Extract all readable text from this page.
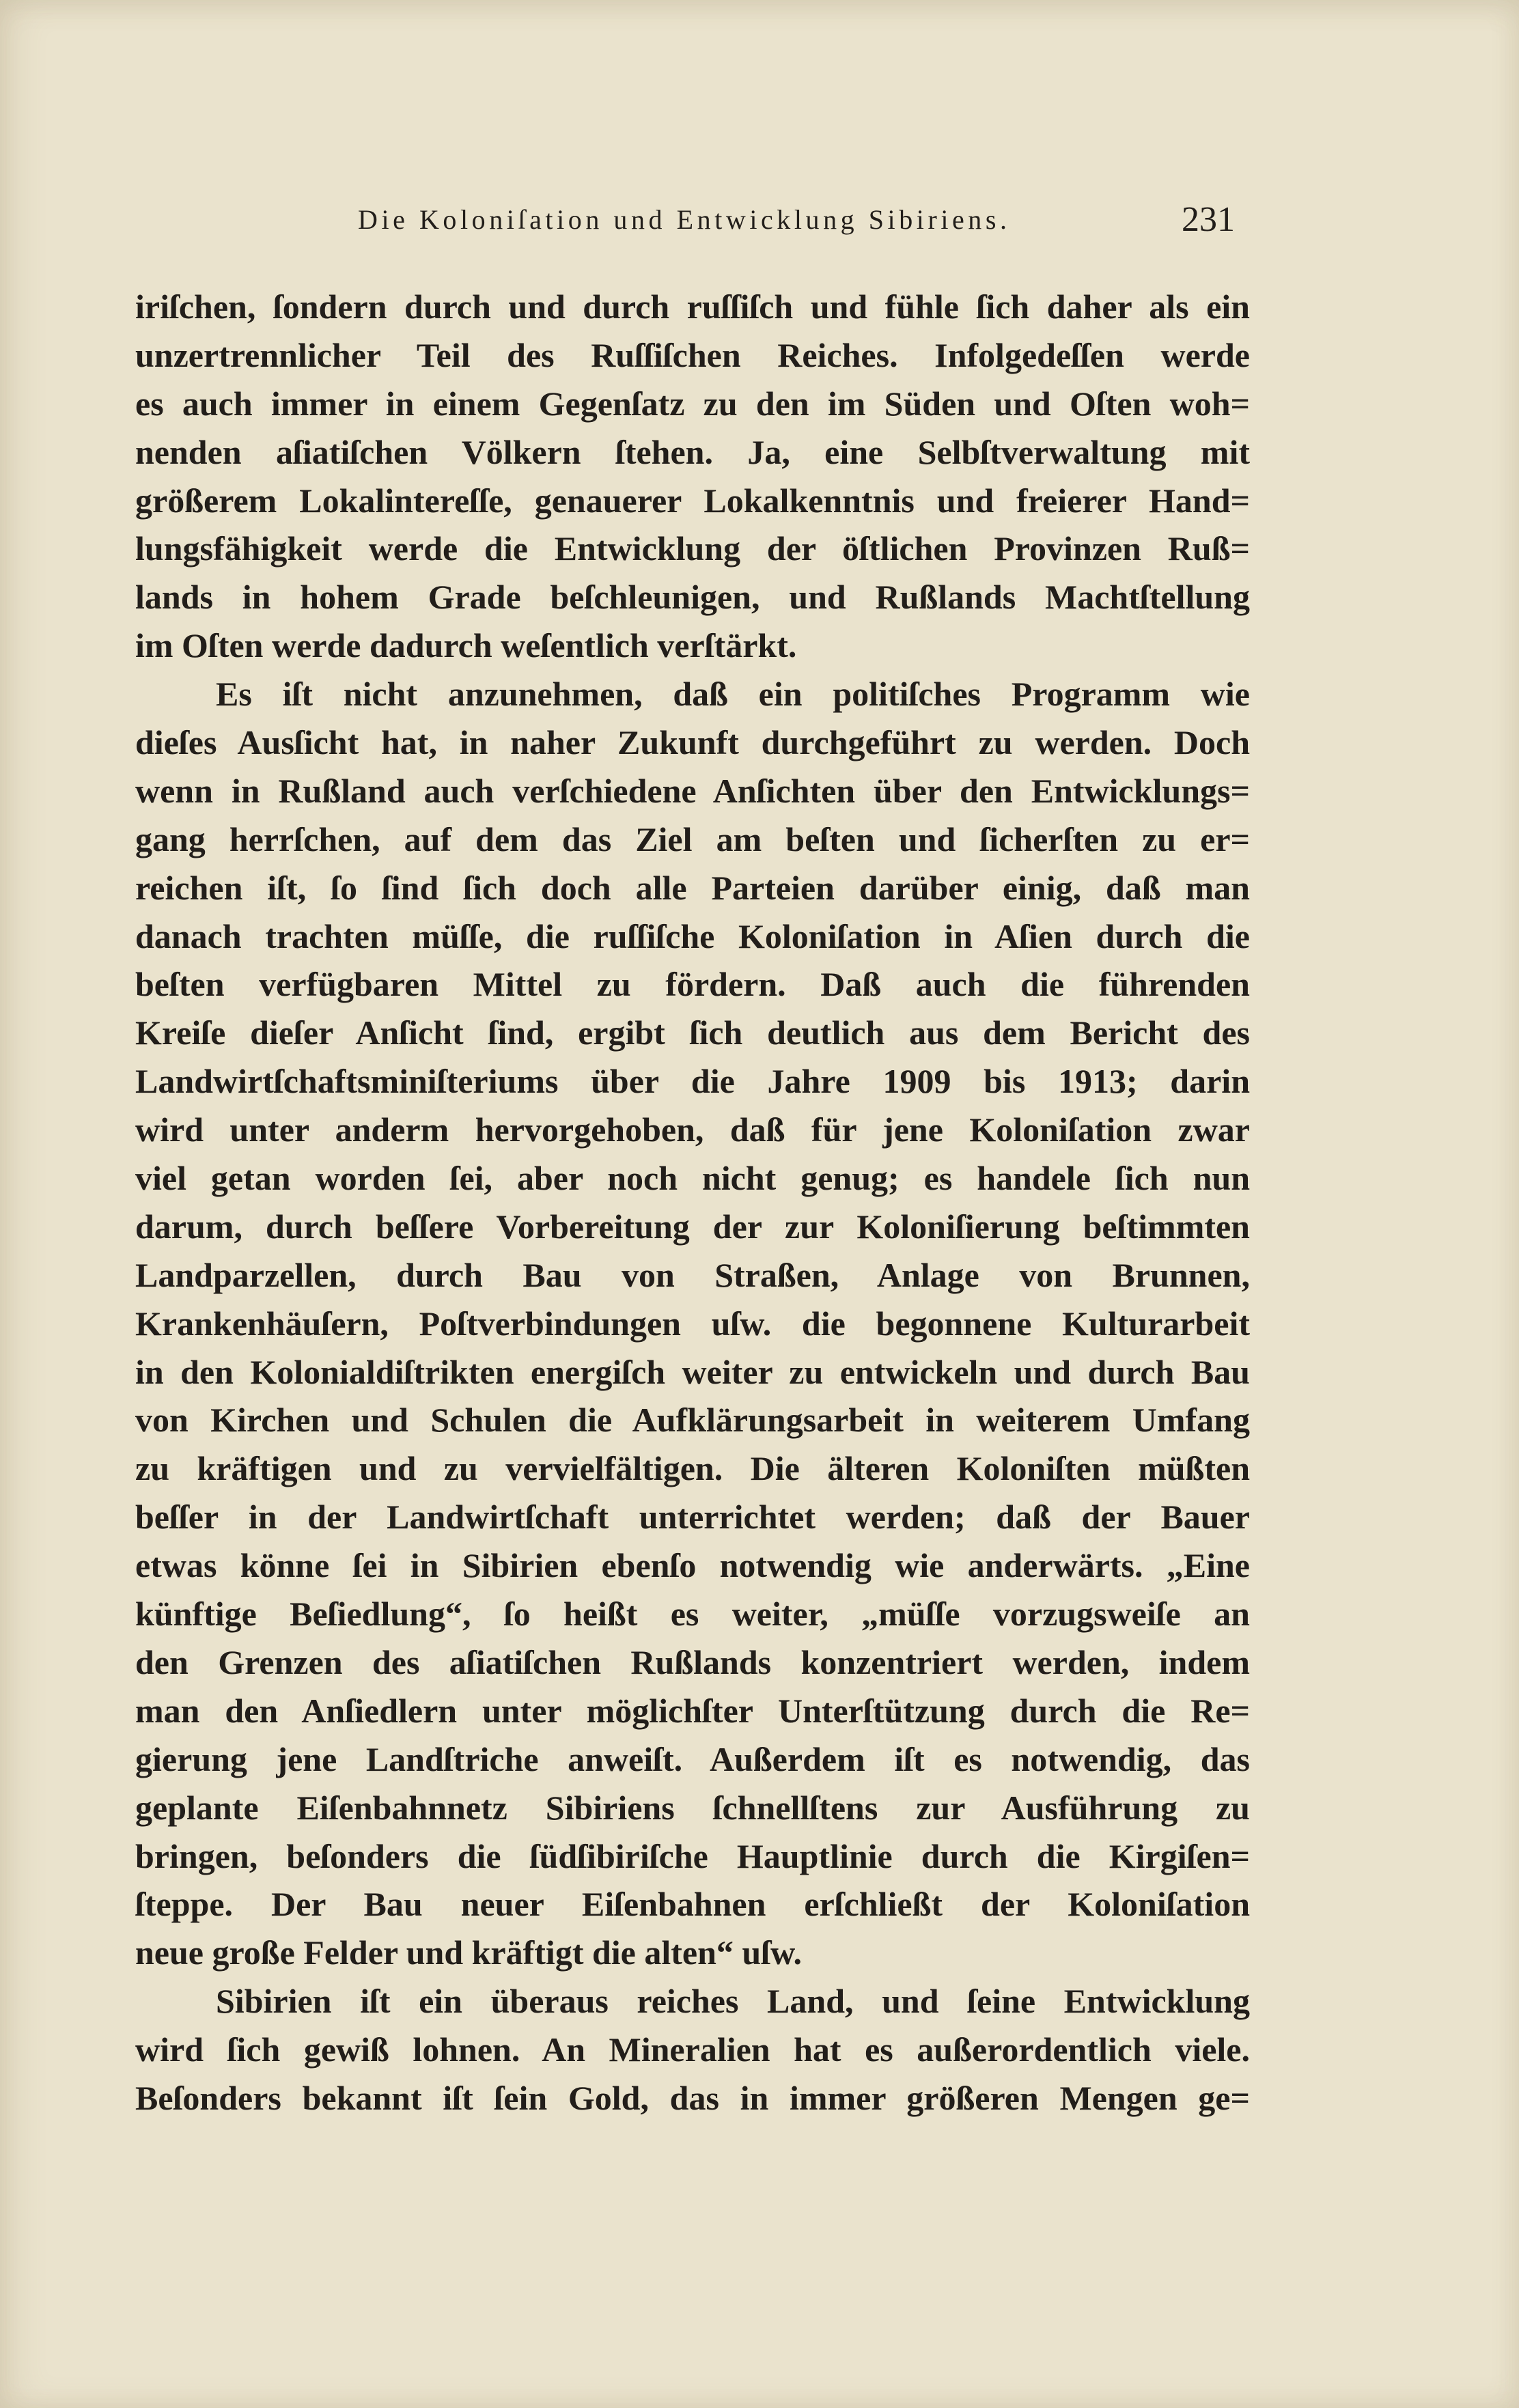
Die Koloniſation und Entwicklung Sibiriens.	231
iriſchen, ſondern durch und durch ruſſiſch und fühle ſich daher als ein
unzertrennlicher Teil des Ruſſiſchen Reiches. Infolgedeſſen werde
es auch immer in einem Gegenſatz zu den im Süden und Oſten woh=
nenden aſiatiſchen Völkern ſtehen. Ja, eine Selbſtverwaltung mit
größerem Lokalintereſſe, genauerer Lokalkenntnis und freierer Hand=
lungsfähigkeit werde die Entwicklung der öſtlichen Provinzen Ruß=
lands in hohem Grade beſchleunigen, und Rußlands Machtſtellung
im Oſten werde dadurch weſentlich verſtärkt.
Es iſt nicht anzunehmen, daß ein politiſches Programm wie
dieſes Ausſicht hat, in naher Zukunft durchgeführt zu werden. Doch
wenn in Rußland auch verſchiedene Anſichten über den Entwicklungs=
gang herrſchen, auf dem das Ziel am beſten und ſicherſten zu er=
reichen iſt, ſo ſind ſich doch alle Parteien darüber einig, daß man
danach trachten müſſe, die ruſſiſche Koloniſation in Aſien durch die
beſten verfügbaren Mittel zu fördern. Daß auch die führenden
Kreiſe dieſer Anſicht ſind, ergibt ſich deutlich aus dem Bericht des
Landwirtſchaftsminiſteriums über die Jahre 1909 bis 1913; darin
wird unter anderm hervorgehoben, daß für jene Koloniſation zwar
viel getan worden ſei, aber noch nicht genug; es handele ſich nun
darum, durch beſſere Vorbereitung der zur Koloniſierung beſtimmten
Landparzellen, durch Bau von Straßen, Anlage von Brunnen,
Krankenhäuſern, Poſtverbindungen uſw. die begonnene Kulturarbeit
in den Kolonialdiſtrikten energiſch weiter zu entwickeln und durch Bau
von Kirchen und Schulen die Aufklärungsarbeit in weiterem Umfang
zu kräftigen und zu vervielfältigen. Die älteren Koloniſten müßten
beſſer in der Landwirtſchaft unterrichtet werden; daß der Bauer
etwas könne ſei in Sibirien ebenſo notwendig wie anderwärts. „Eine
künftige Beſiedlung“, ſo heißt es weiter, „müſſe vorzugsweiſe an
den Grenzen des aſiatiſchen Rußlands konzentriert werden, indem
man den Anſiedlern unter möglichſter Unterſtützung durch die Re=
gierung jene Landſtriche anweiſt. Außerdem iſt es notwendig, das
geplante Eiſenbahnnetz Sibiriens ſchnellſtens zur Ausführung zu
bringen, beſonders die ſüdſibiriſche Hauptlinie durch die Kirgiſen=
ſteppe. Der Bau neuer Eiſenbahnen erſchließt der Koloniſation
neue große Felder und kräftigt die alten“ uſw.
Sibirien iſt ein überaus reiches Land, und ſeine Entwicklung
wird ſich gewiß lohnen. An Mineralien hat es außerordentlich viele.
Beſonders bekannt iſt ſein Gold, das in immer größeren Mengen ge=
